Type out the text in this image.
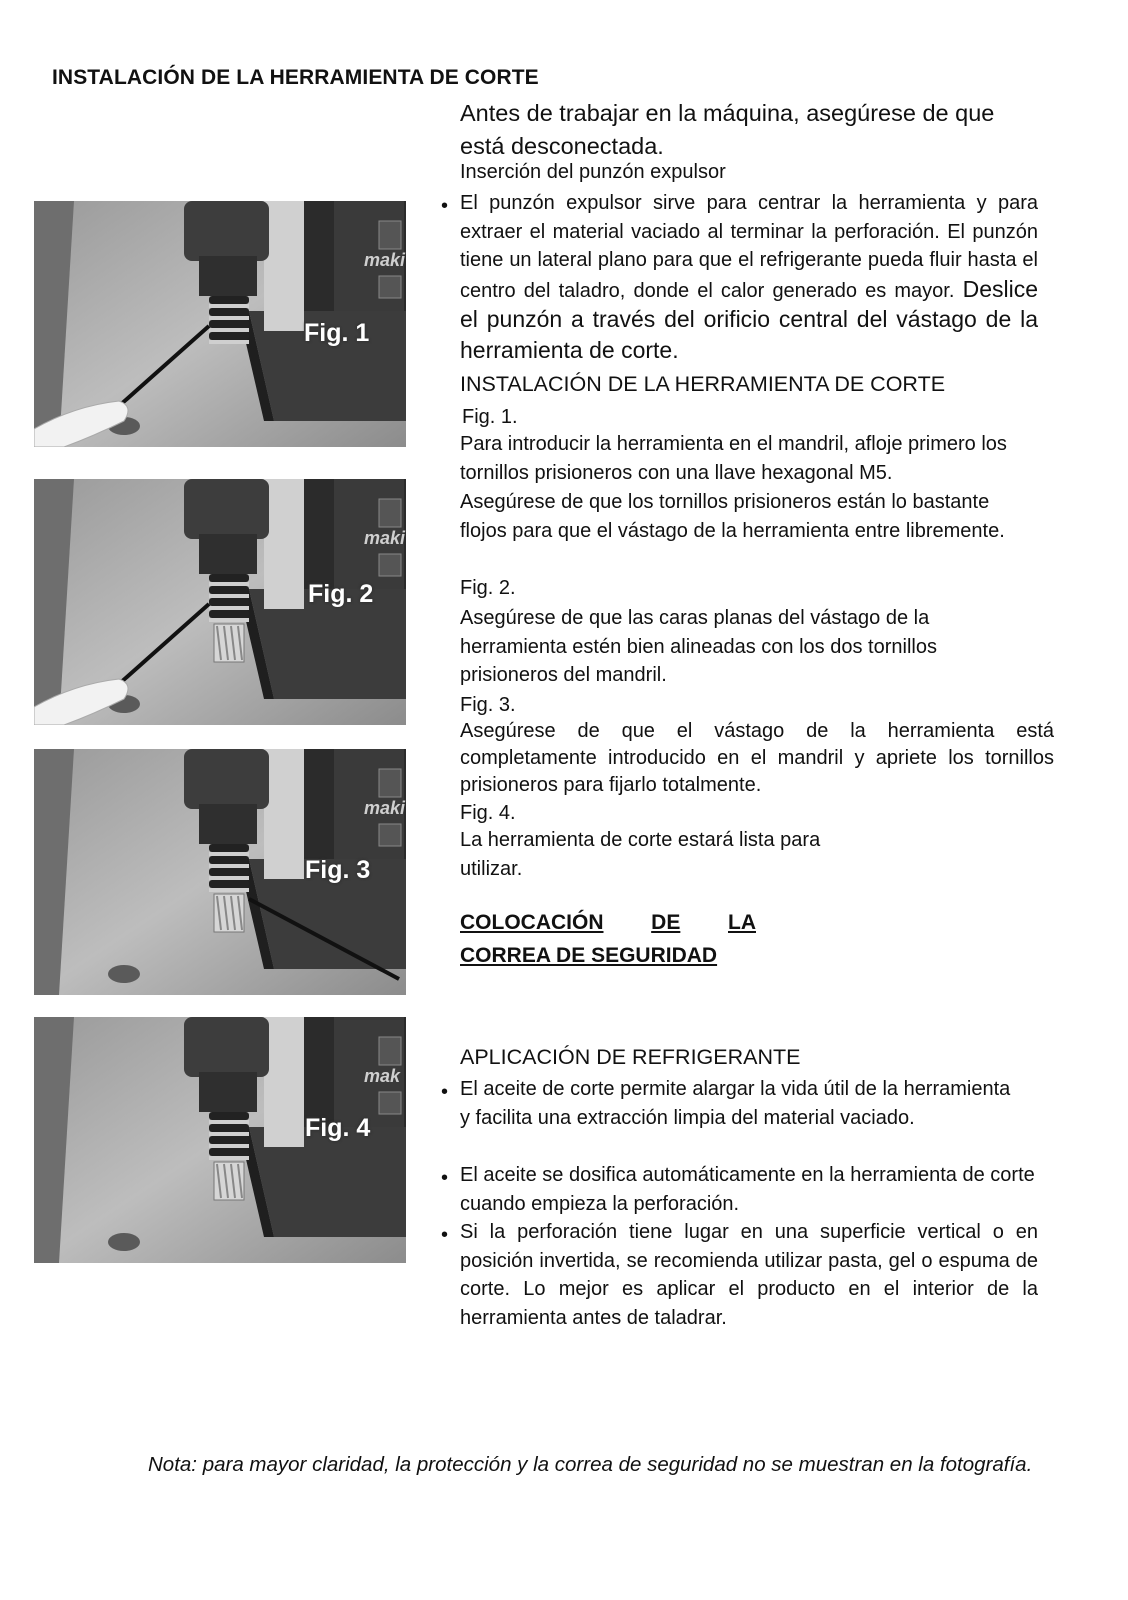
INSTALACIÓN DE LA HERRAMIENTA DE CORTE
Antes de trabajar en la máquina, asegúrese de que está desconectada.
Inserción del punzón expulsor
El punzón expulsor sirve para centrar la herramienta y para extraer el material vaciado al terminar la perforación. El punzón tiene un lateral plano para que el refrigerante pueda fluir hasta el centro del taladro, donde el calor generado es mayor. Deslice el punzón a través del orificio central del vástago de la herramienta de corte.
INSTALACIÓN DE LA HERRAMIENTA DE CORTE
Fig. 1.
Para introducir la herramienta en el mandril, afloje primero los tornillos prisioneros con una llave hexagonal M5.
Asegúrese de que los tornillos prisioneros están lo bastante flojos para que el vástago de la herramienta entre libremente.
Fig. 2.
Asegúrese de que las caras planas del vástago de la herramienta estén bien alineadas con los dos tornillos prisioneros del mandril.
Fig. 3.
Asegúrese de que el vástago de la herramienta está completamente introducido en el mandril y apriete los tornillos prisioneros para fijarlo totalmente.
Fig. 4.
La herramienta de corte estará lista para utilizar.
COLOCACIÓN DE LA
CORREA DE SEGURIDAD
APLICACIÓN DE REFRIGERANTE
El aceite de corte permite alargar la vida útil de la herramienta y facilita una extracción limpia del material vaciado.
El aceite se dosifica automáticamente en la herramienta de corte cuando empieza la perforación.
Si la perforación tiene lugar en una superficie vertical o en posición invertida, se recomienda utilizar pasta, gel o espuma de corte. Lo mejor es aplicar el producto en el interior de la herramienta antes de taladrar.
Nota: para mayor claridad, la protección y la correa de seguridad no se muestran en la fotografía.
maki
Fig. 1
maki
Fig. 2
maki
Fig. 3
mak
Fig. 4
